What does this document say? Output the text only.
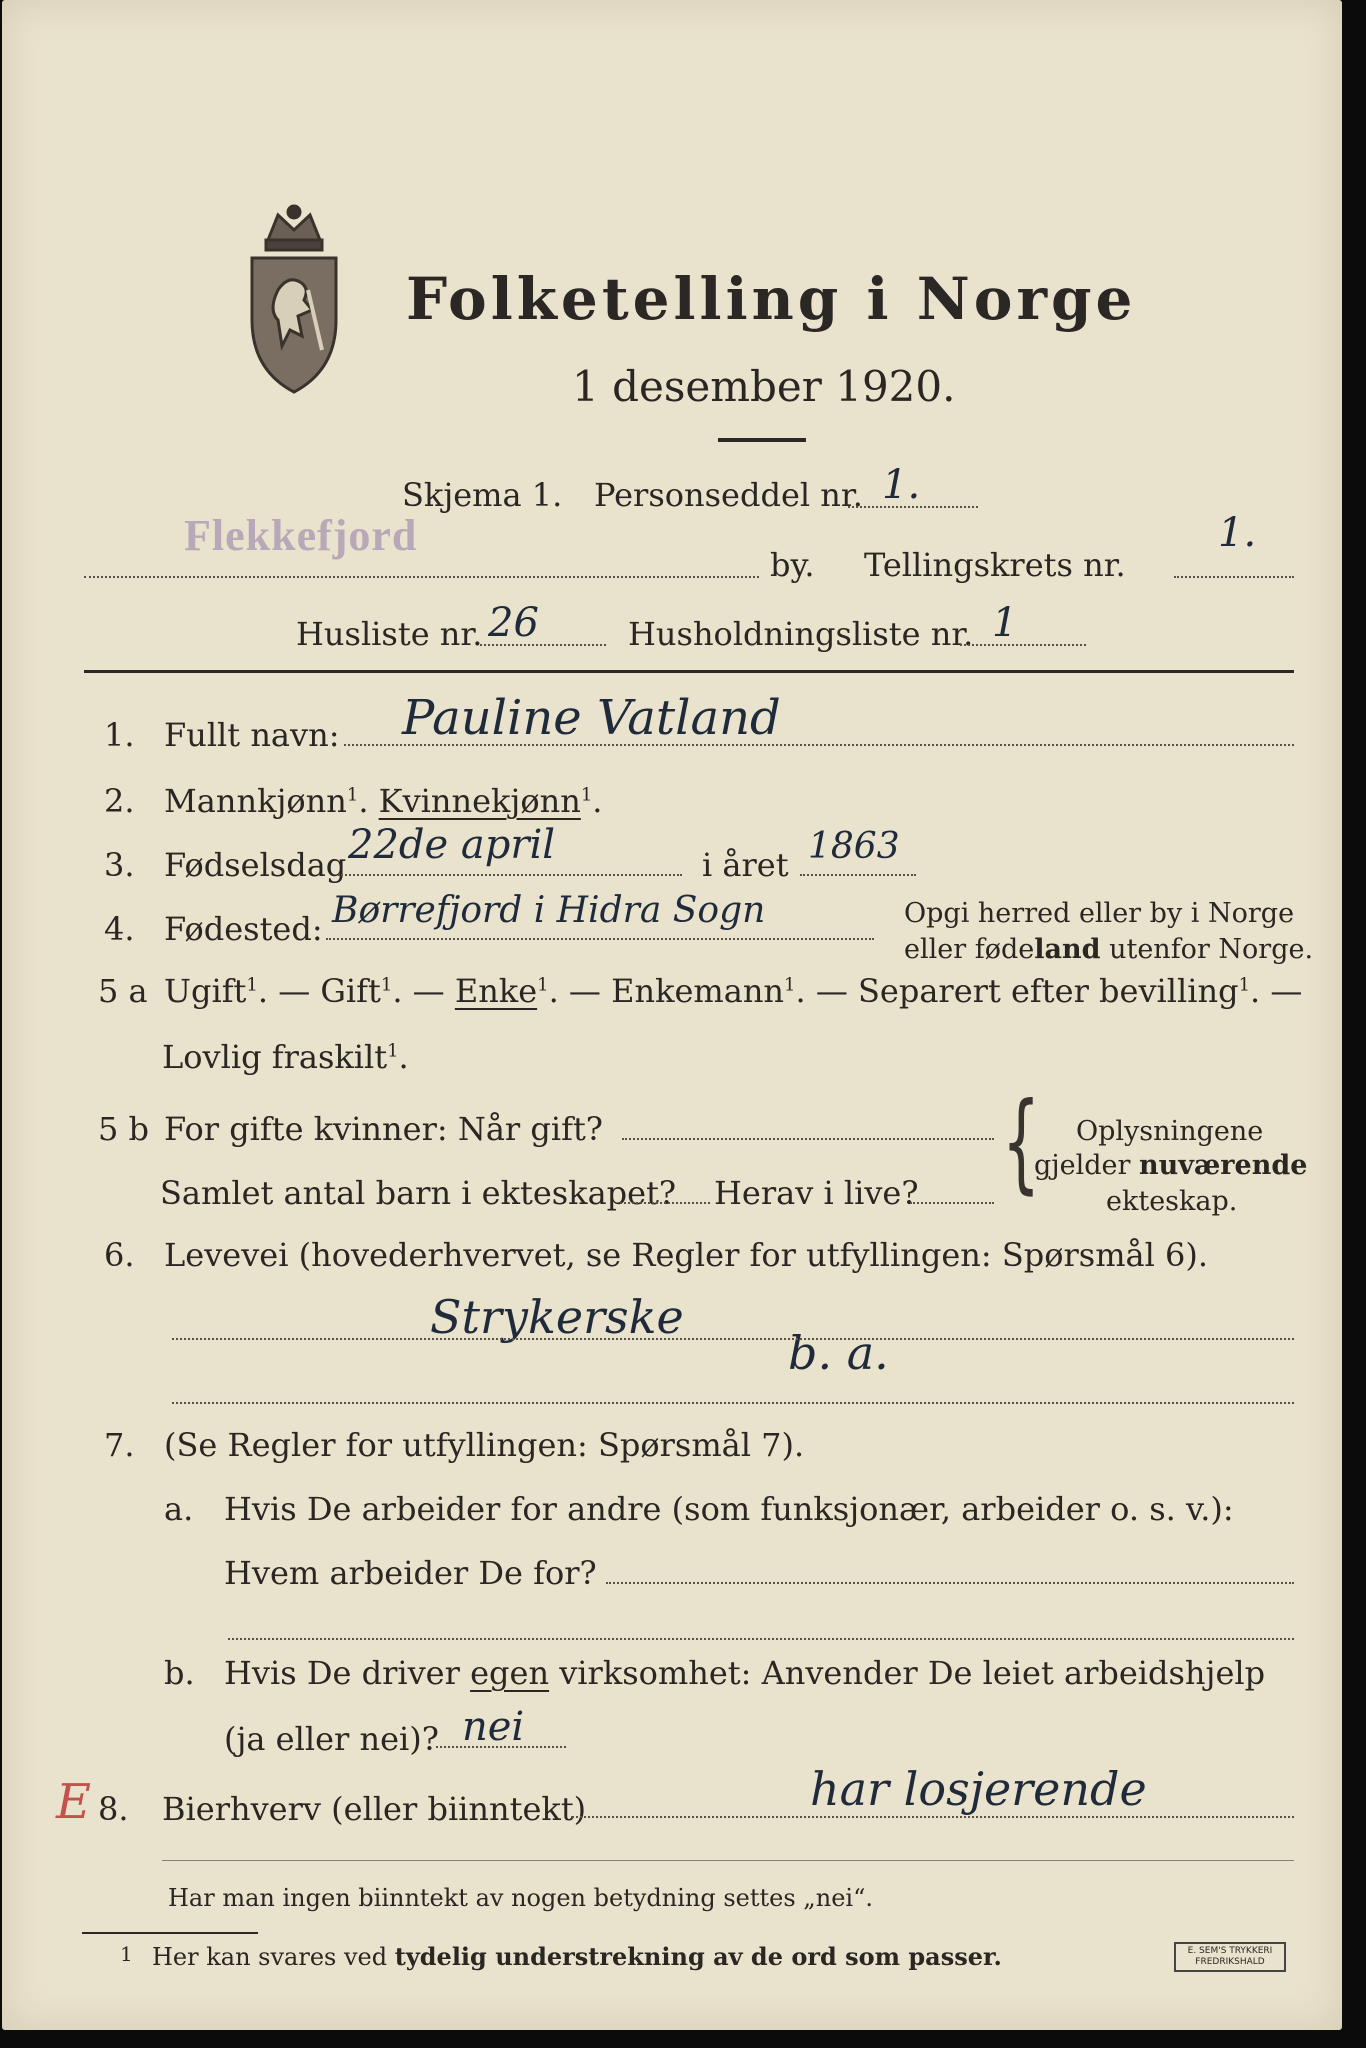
Folketelling i Norge
1 desember 1920.
Skjema 1. Personseddel nr. 1.
Flekkefjord
by. Tellingskrets nr.
1.
Husliste nr. 26	Husholdningsliste nr. 1
1. Fullt navn: Pauline Vatland
2. Mannkjønn$^1$. Kvinnekjønn$^1$.
3. Fødselsdag 22de april	i året 1863
4. Fødested: Børrefjord i Hidra Sogn	Opgi herred eller by i Norge
eller fødeland utenfor Norge.
5 a Ugift$^1$. — Gift$^1$. — Enke$^1$. — Enkemann$^1$. — Separert efter bevilling$^1$. —
Lovlig fraskilt$^1$.
5 b For gifte kvinner: Når gift?
Samlet antal barn i ekteskapet? Herav i live? { Oplysningene
gjelder nuværende
ekteskap.
6. Levevei (hovederhvervet, se Regler for utfyllingen: Spørsmål 6).
Strykerske
b. a.
7. (Se Regler for utfyllingen: Spørsmål 7).
a. Hvis De arbeider for andre (som funksjonær, arbeider o. s. v.):
Hvem arbeider De for?
b. Hvis De driver egen virksomhet: Anvender De leiet arbeidshjelp
(ja eller nei)? nei
E 8. Bierhverv (eller biinntekt)	har losjerende
Har man ingen biinntekt av nogen betydning settes „nei“.
1 Her kan svares ved tydelig understrekning av de ord som passer.	E. SEM'S TRYKKERI FREDRIKSHALD
